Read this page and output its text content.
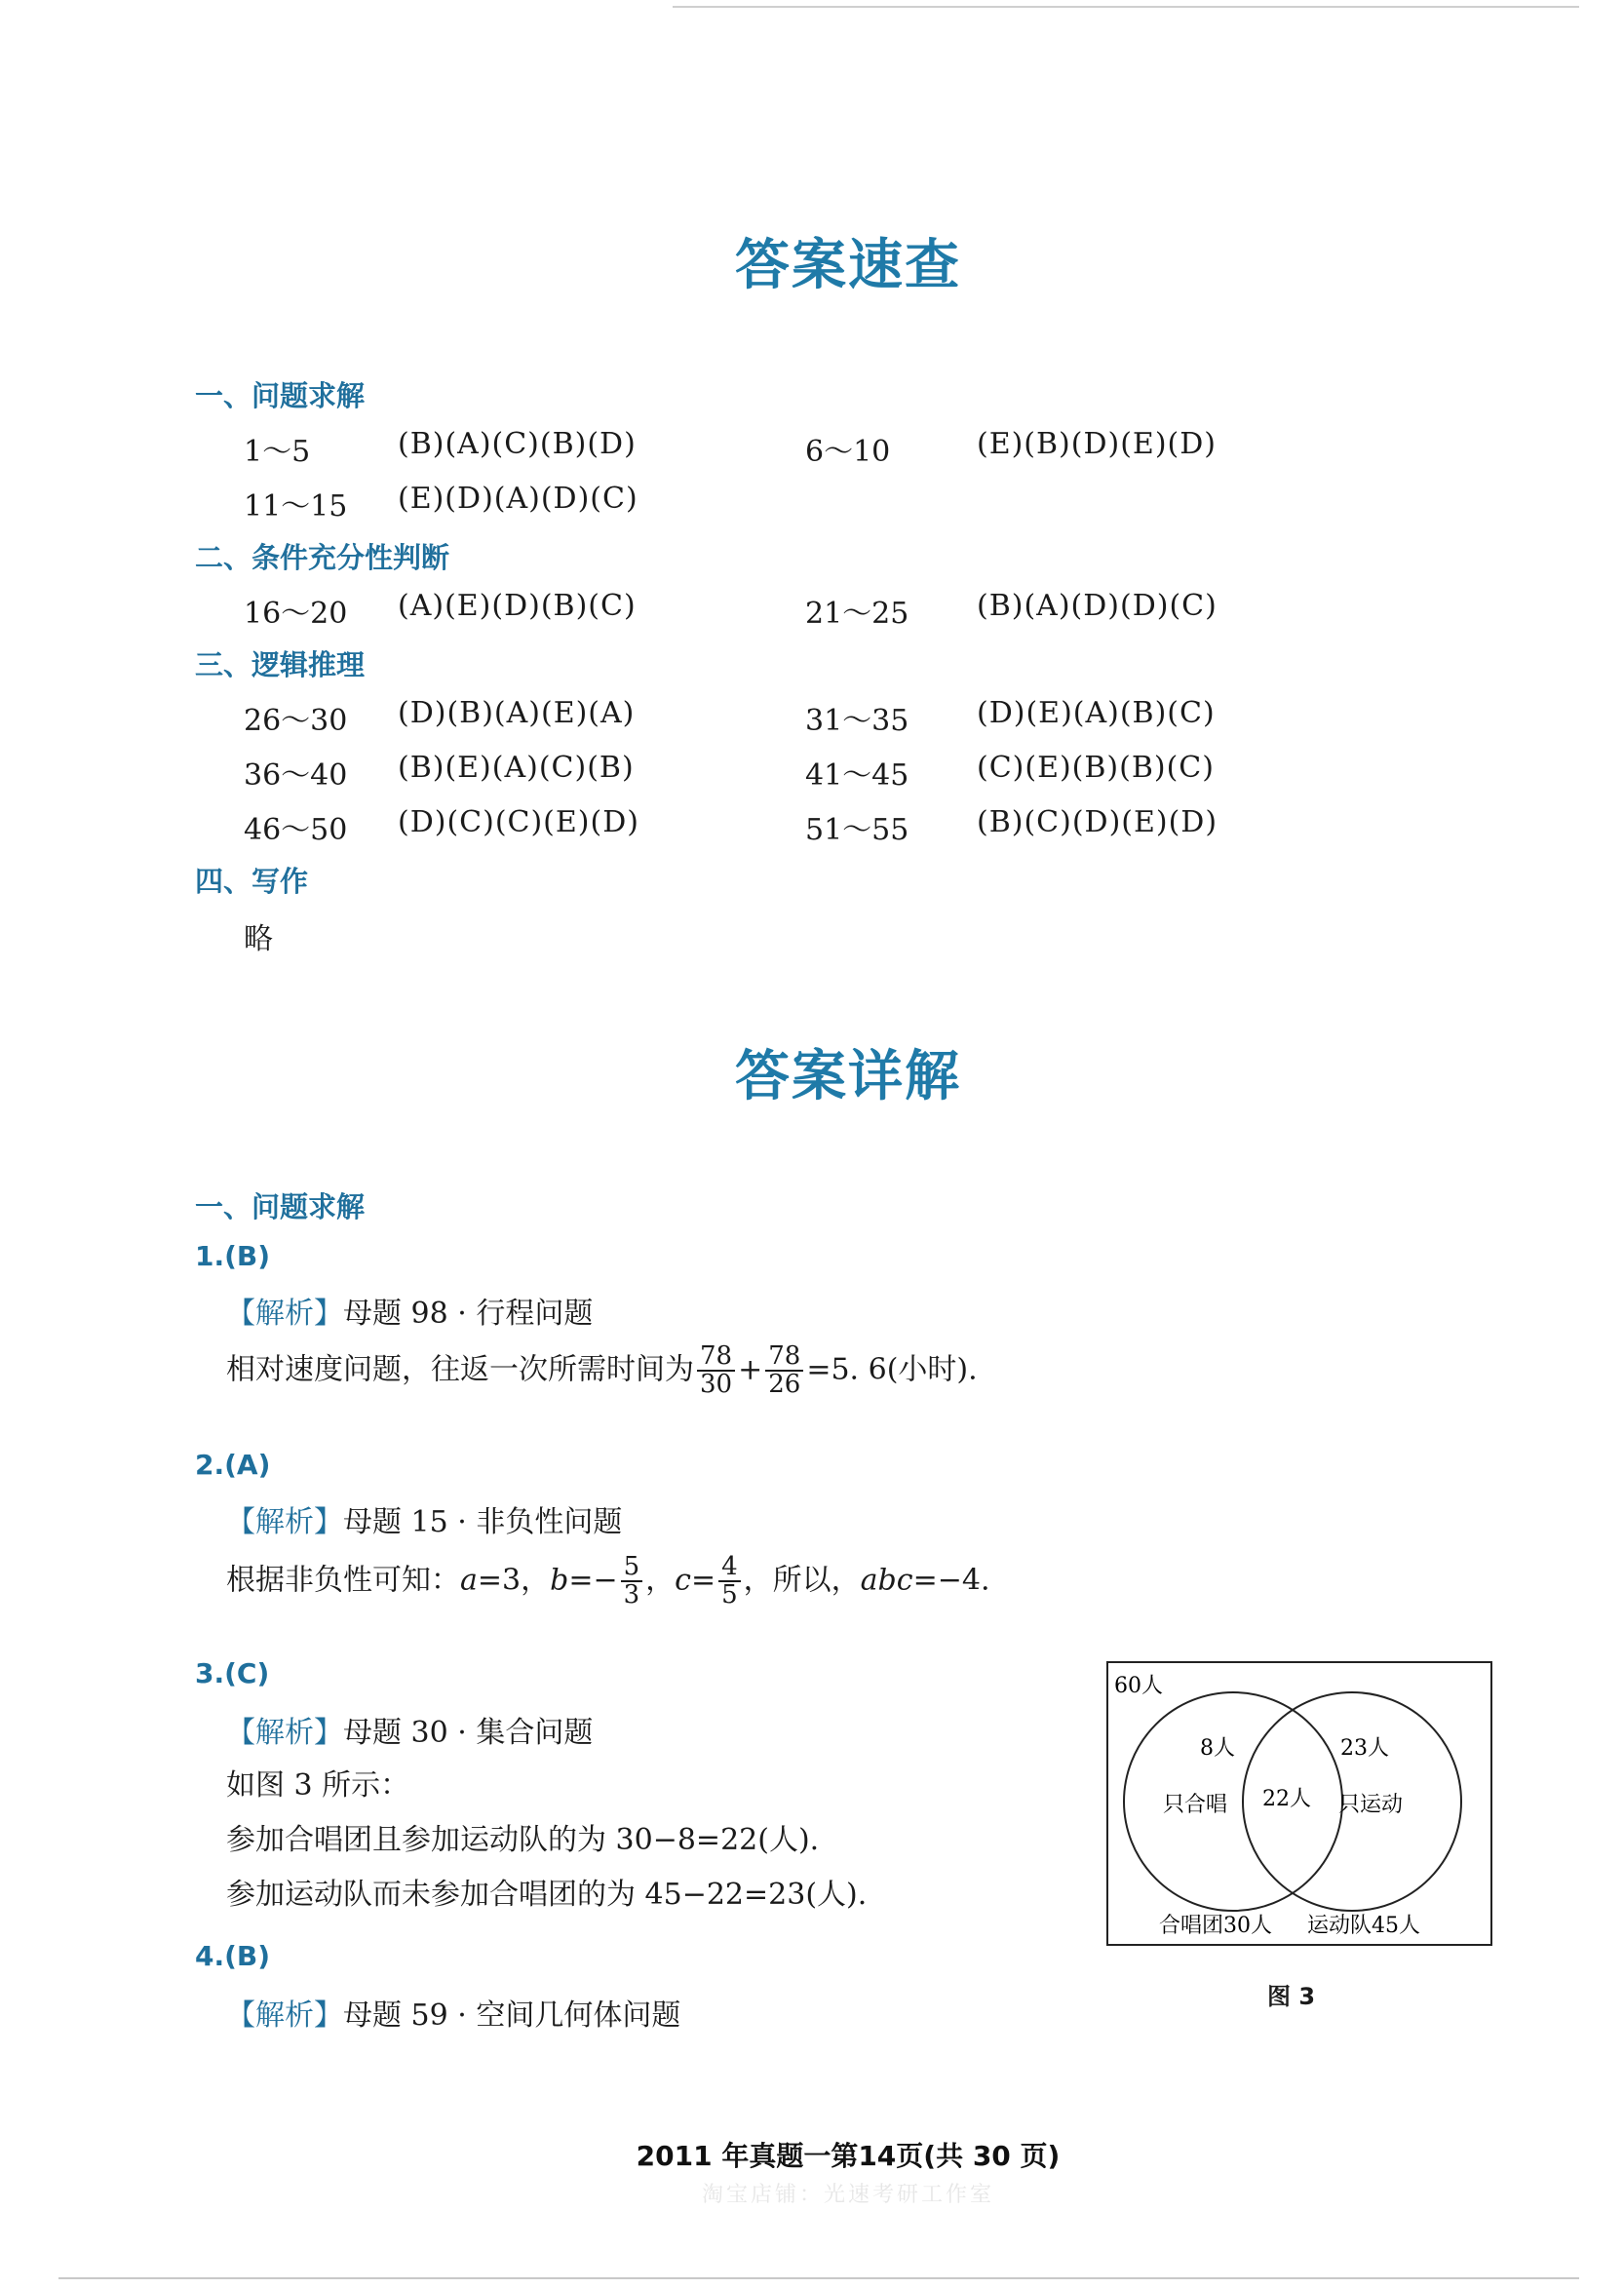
答案速查
一、问题求解
1～5	(B)(A)(C)(B)(D)	6～10	(E)(B)(D)(E)(D)
11～15 (E)(D)(A)(D)(C)
二、条件充分性判断
16～20 (A)(E)(D)(B)(C)	21～25 (B)(A)(D)(D)(C)
三、逻辑推理
26～30 (D)(B)(A)(E)(A)	31～35 (D)(E)(A)(B)(C)
36～40 (B)(E)(A)(C)(B)	41～45 (C)(E)(B)(B)(C)
46～50 (D)(C)(C)(E)(D)	51～55 (B)(C)(D)(E)(D)
四、写作
略
答案详解
一、问题求解
1.(B)
【解析】母题 98 · 行程问题
相对速度问题，往返一次所需时间为 $\frac{78}{30} + \frac{78}{26} =5$. 6(小时).
2.(A)
【解析】母题 15 · 非负性问题
根据非负性可知：a=3，$b=- \frac{5}{3}$ ，$c= \frac{4}{5}$ ，所以，abc=−4.
3.(C)
【解析】母题 30 · 集合问题
如图 3 所示：
参加合唱团且参加运动队的为 30−8=22(人).
参加运动队而未参加合唱团的为 45−22=23(人).
4.(B)
【解析】母题 59 · 空间几何体问题
60人
8人
只合唱 22人
23人
只运动
合唱团30人 运动队45人
图 3
2011 年真题一第14页(共 30 页)
淘宝店铺：光速考研工作室
